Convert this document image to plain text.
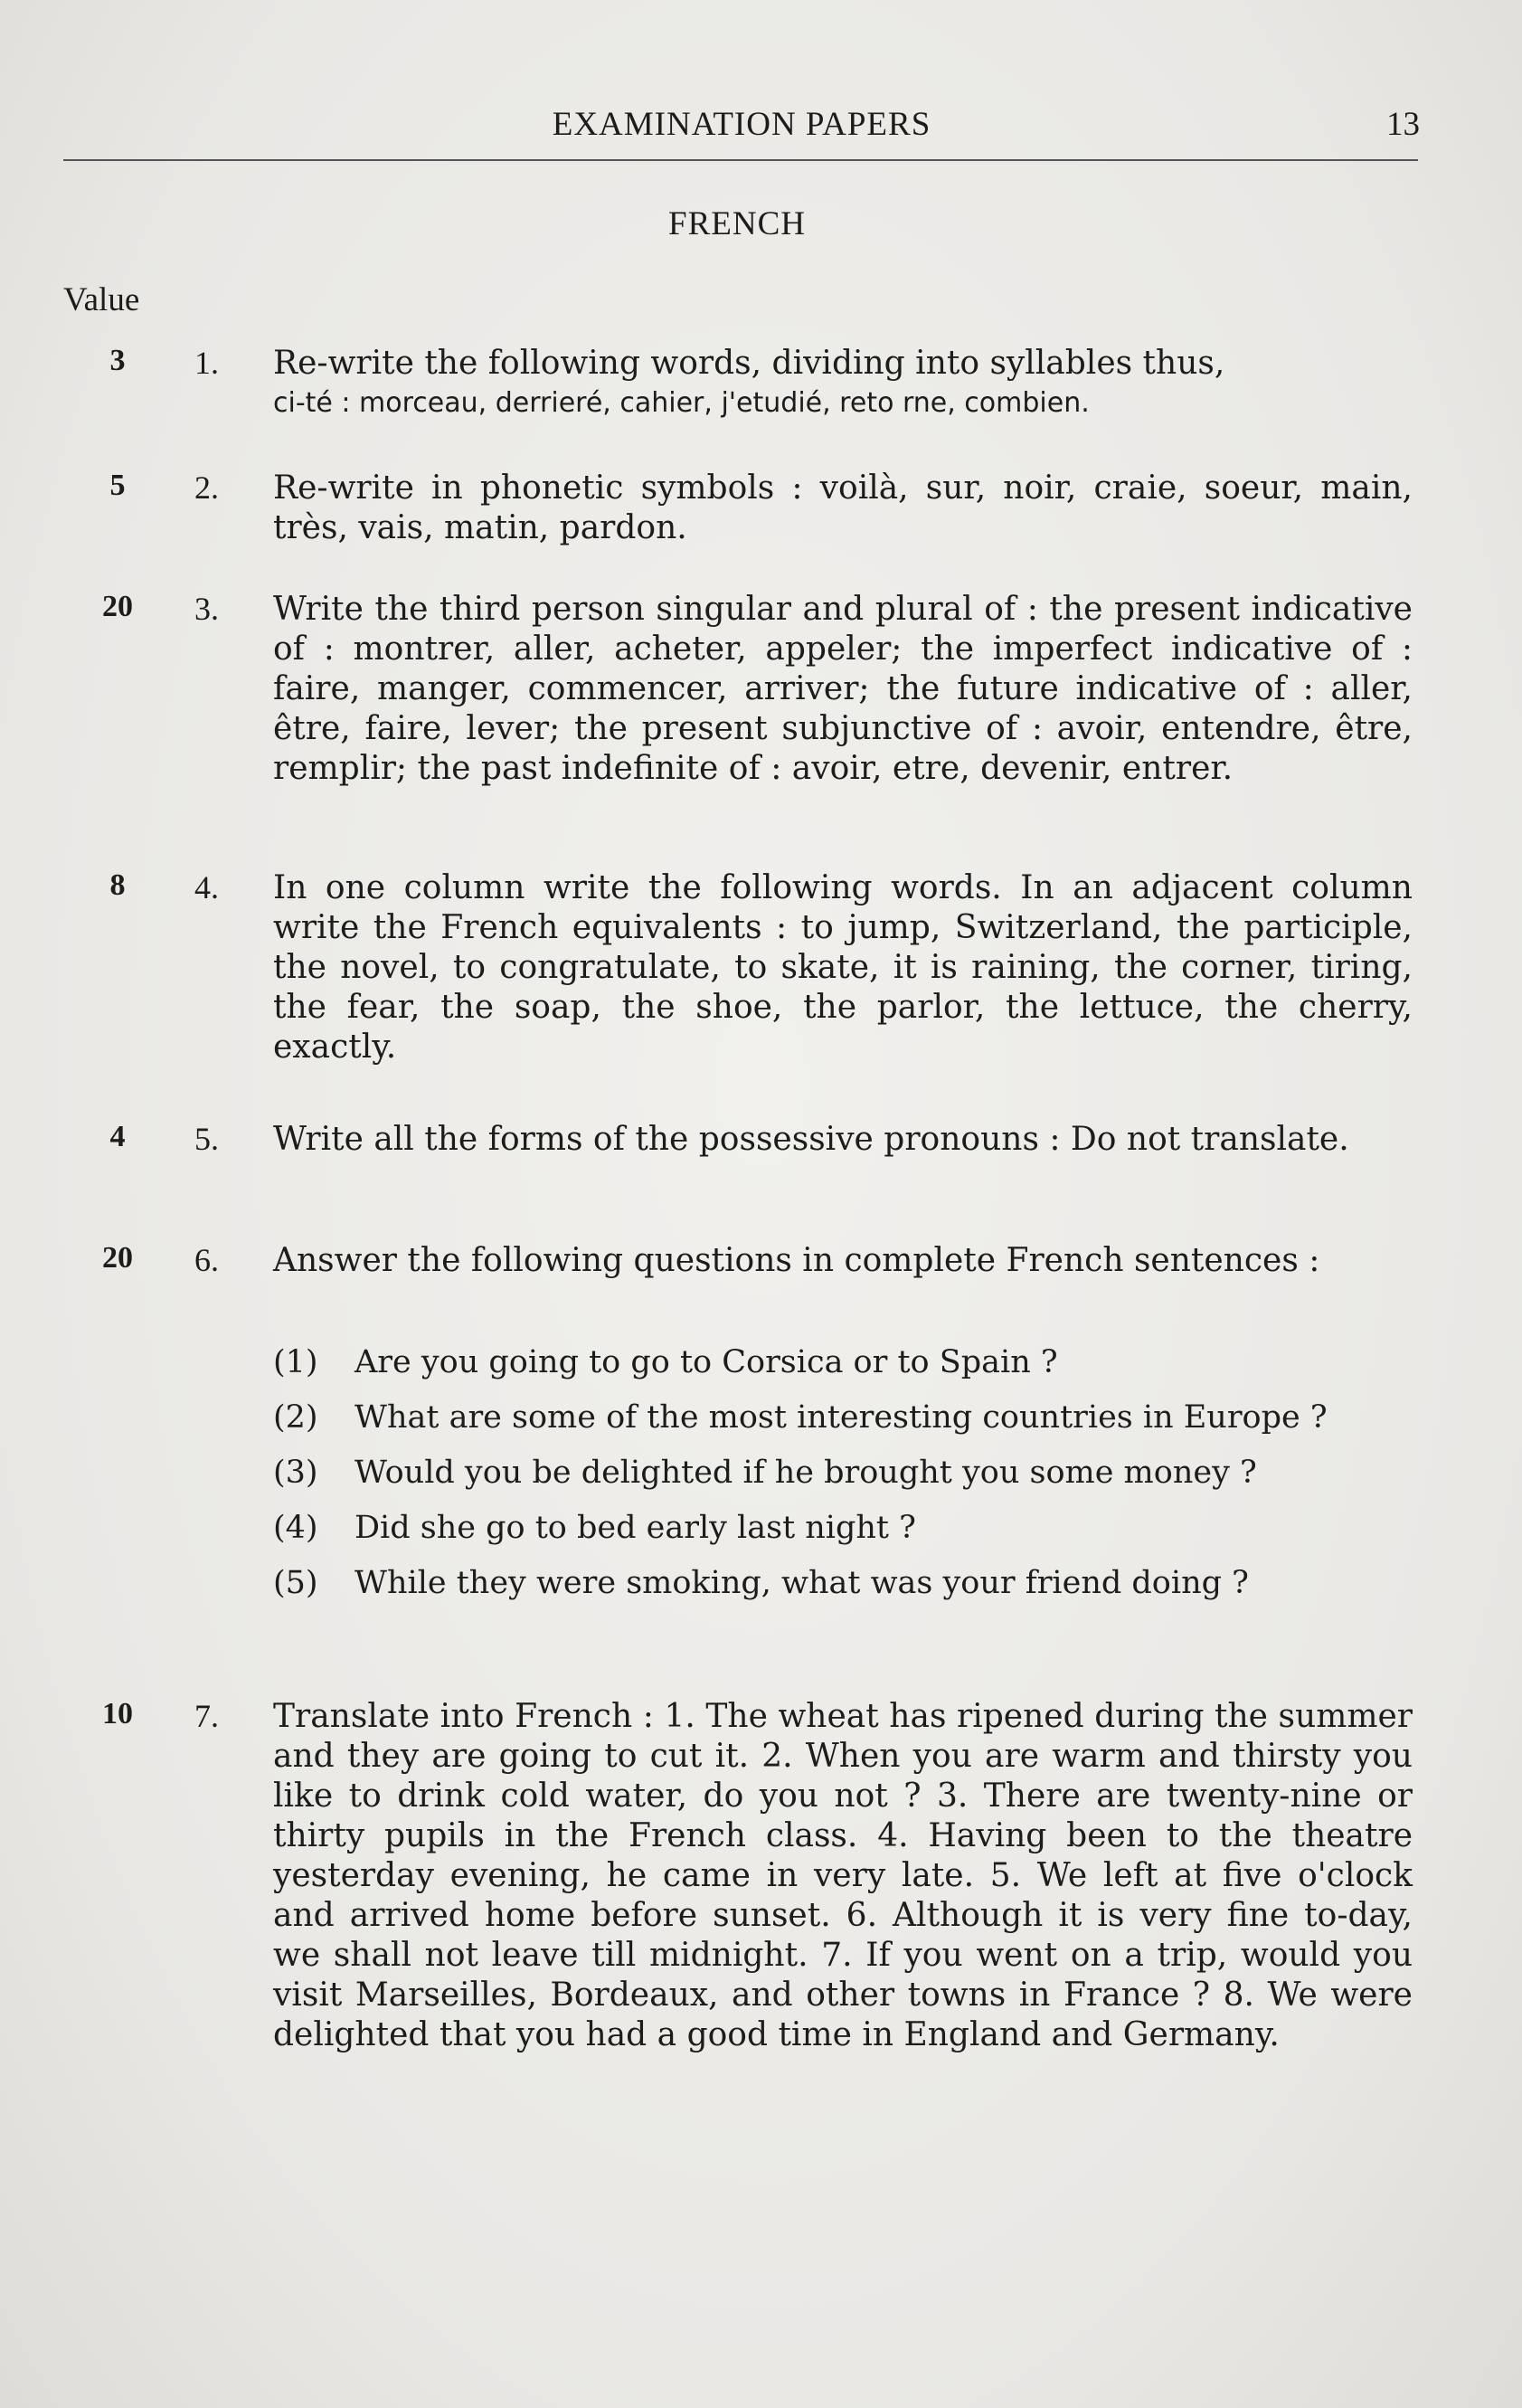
EXAMINATION PAPERS	13
FRENCH
Value
3	1.	Re-write the following words, dividing into syllables thus,
ci-té : morceau, derrieré, cahier, j'etudié, reto rne, combien.
5	2.	Re-write in phonetic symbols : voilà, sur, noir, craie, soeur, main, très, vais, matin, pardon.
20	3.	Write the third person singular and plural of : the present indicative of : montrer, aller, acheter, appeler; the imperfect indicative of : faire, manger, commencer, arriver; the future indicative of : aller, être, faire, lever; the present subjunctive of : avoir, entendre, être, remplir; the past indefinite of : avoir, etre, devenir, entrer.
8	4.	In one column write the following words. In an adjacent column write the French equivalents : to jump, Switzerland, the participle, the novel, to congratulate, to skate, it is raining, the corner, tiring, the fear, the soap, the shoe, the parlor, the lettuce, the cherry, exactly.
4	5.	Write all the forms of the possessive pronouns : Do not translate.
20	6.	Answer the following questions in complete French sentences :
(1) Are you going to go to Corsica or to Spain ?
(2) What are some of the most interesting countries in Europe ?
(3) Would you be delighted if he brought you some money ?
(4) Did she go to bed early last night ?
(5) While they were smoking, what was your friend doing ?
10	7.	Translate into French : 1. The wheat has ripened during the summer and they are going to cut it. 2. When you are warm and thirsty you like to drink cold water, do you not ? 3. There are twenty-nine or thirty pupils in the French class. 4. Having been to the theatre yesterday evening, he came in very late. 5. We left at five o'clock and arrived home before sunset. 6. Although it is very fine to-day, we shall not leave till midnight. 7. If you went on a trip, would you visit Marseilles, Bordeaux, and other towns in France ? 8. We were delighted that you had a good time in England and Germany.
